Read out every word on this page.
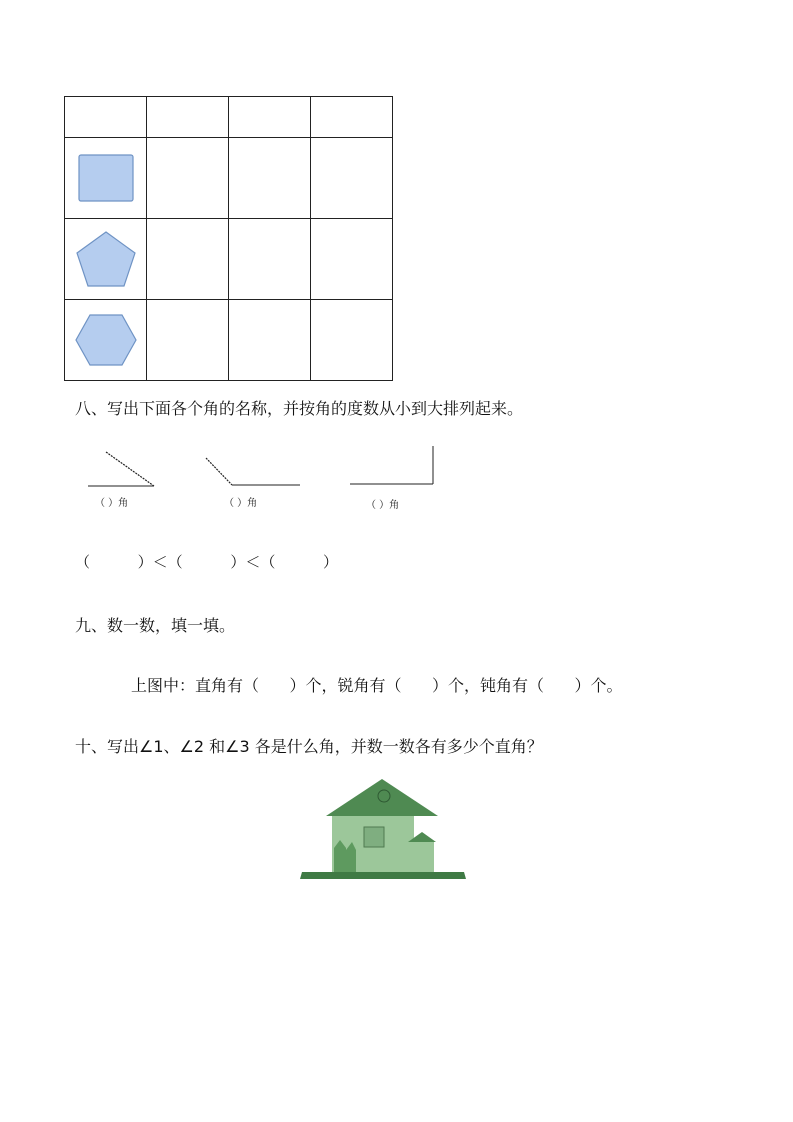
八、写出下面各个角的名称，并按角的度数从小到大排列起来。
（ ）角	（ ）角	（ ）角
（          ）＜（          ）＜（          ）
九、数一数，填一填。
上图中：直角有（      ）个，锐角有（      ）个，钝角有（      ）个。
十、写出∠1、∠2 和∠3 各是什么角，并数一数各有多少个直角？
